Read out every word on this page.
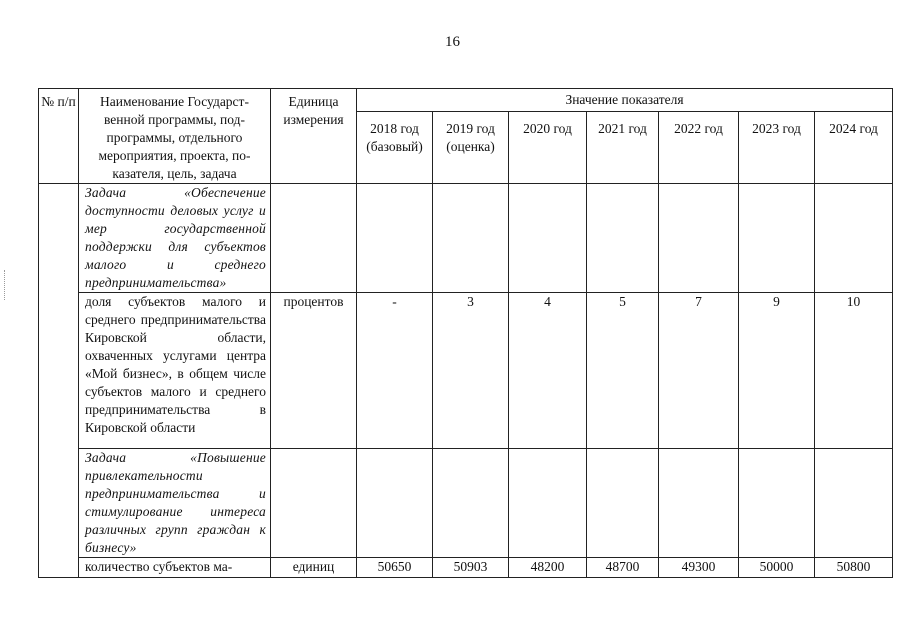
16
№ п/п	Наименование Государст-венной программы, под-программы, отдельного мероприятия, проекта, по-казателя, цель, задача	Единица измерения	Значение показателя						
			2018 год (базовый)	2019 год (оценка)	2020 год	2021 год	2022 год	2023 год	2024 год
	Задача «Обеспечение доступности деловых услуг и мер государственной поддержки для субъектов малого и среднего предпринимательства»								
	доля субъектов малого и среднего предпринимательства Кировской области, охваченных услугами центра «Мой бизнес», в общем числе субъектов малого и среднего предпринимательства в Кировской области	процентов	-	3	4	5	7	9	10
	Задача «Повышение привлекательности предпринимательства и стимулирование интереса различных групп граждан к бизнесу»								
	количество субъектов ма-	единиц	50650	50903	48200	48700	49300	50000	50800
